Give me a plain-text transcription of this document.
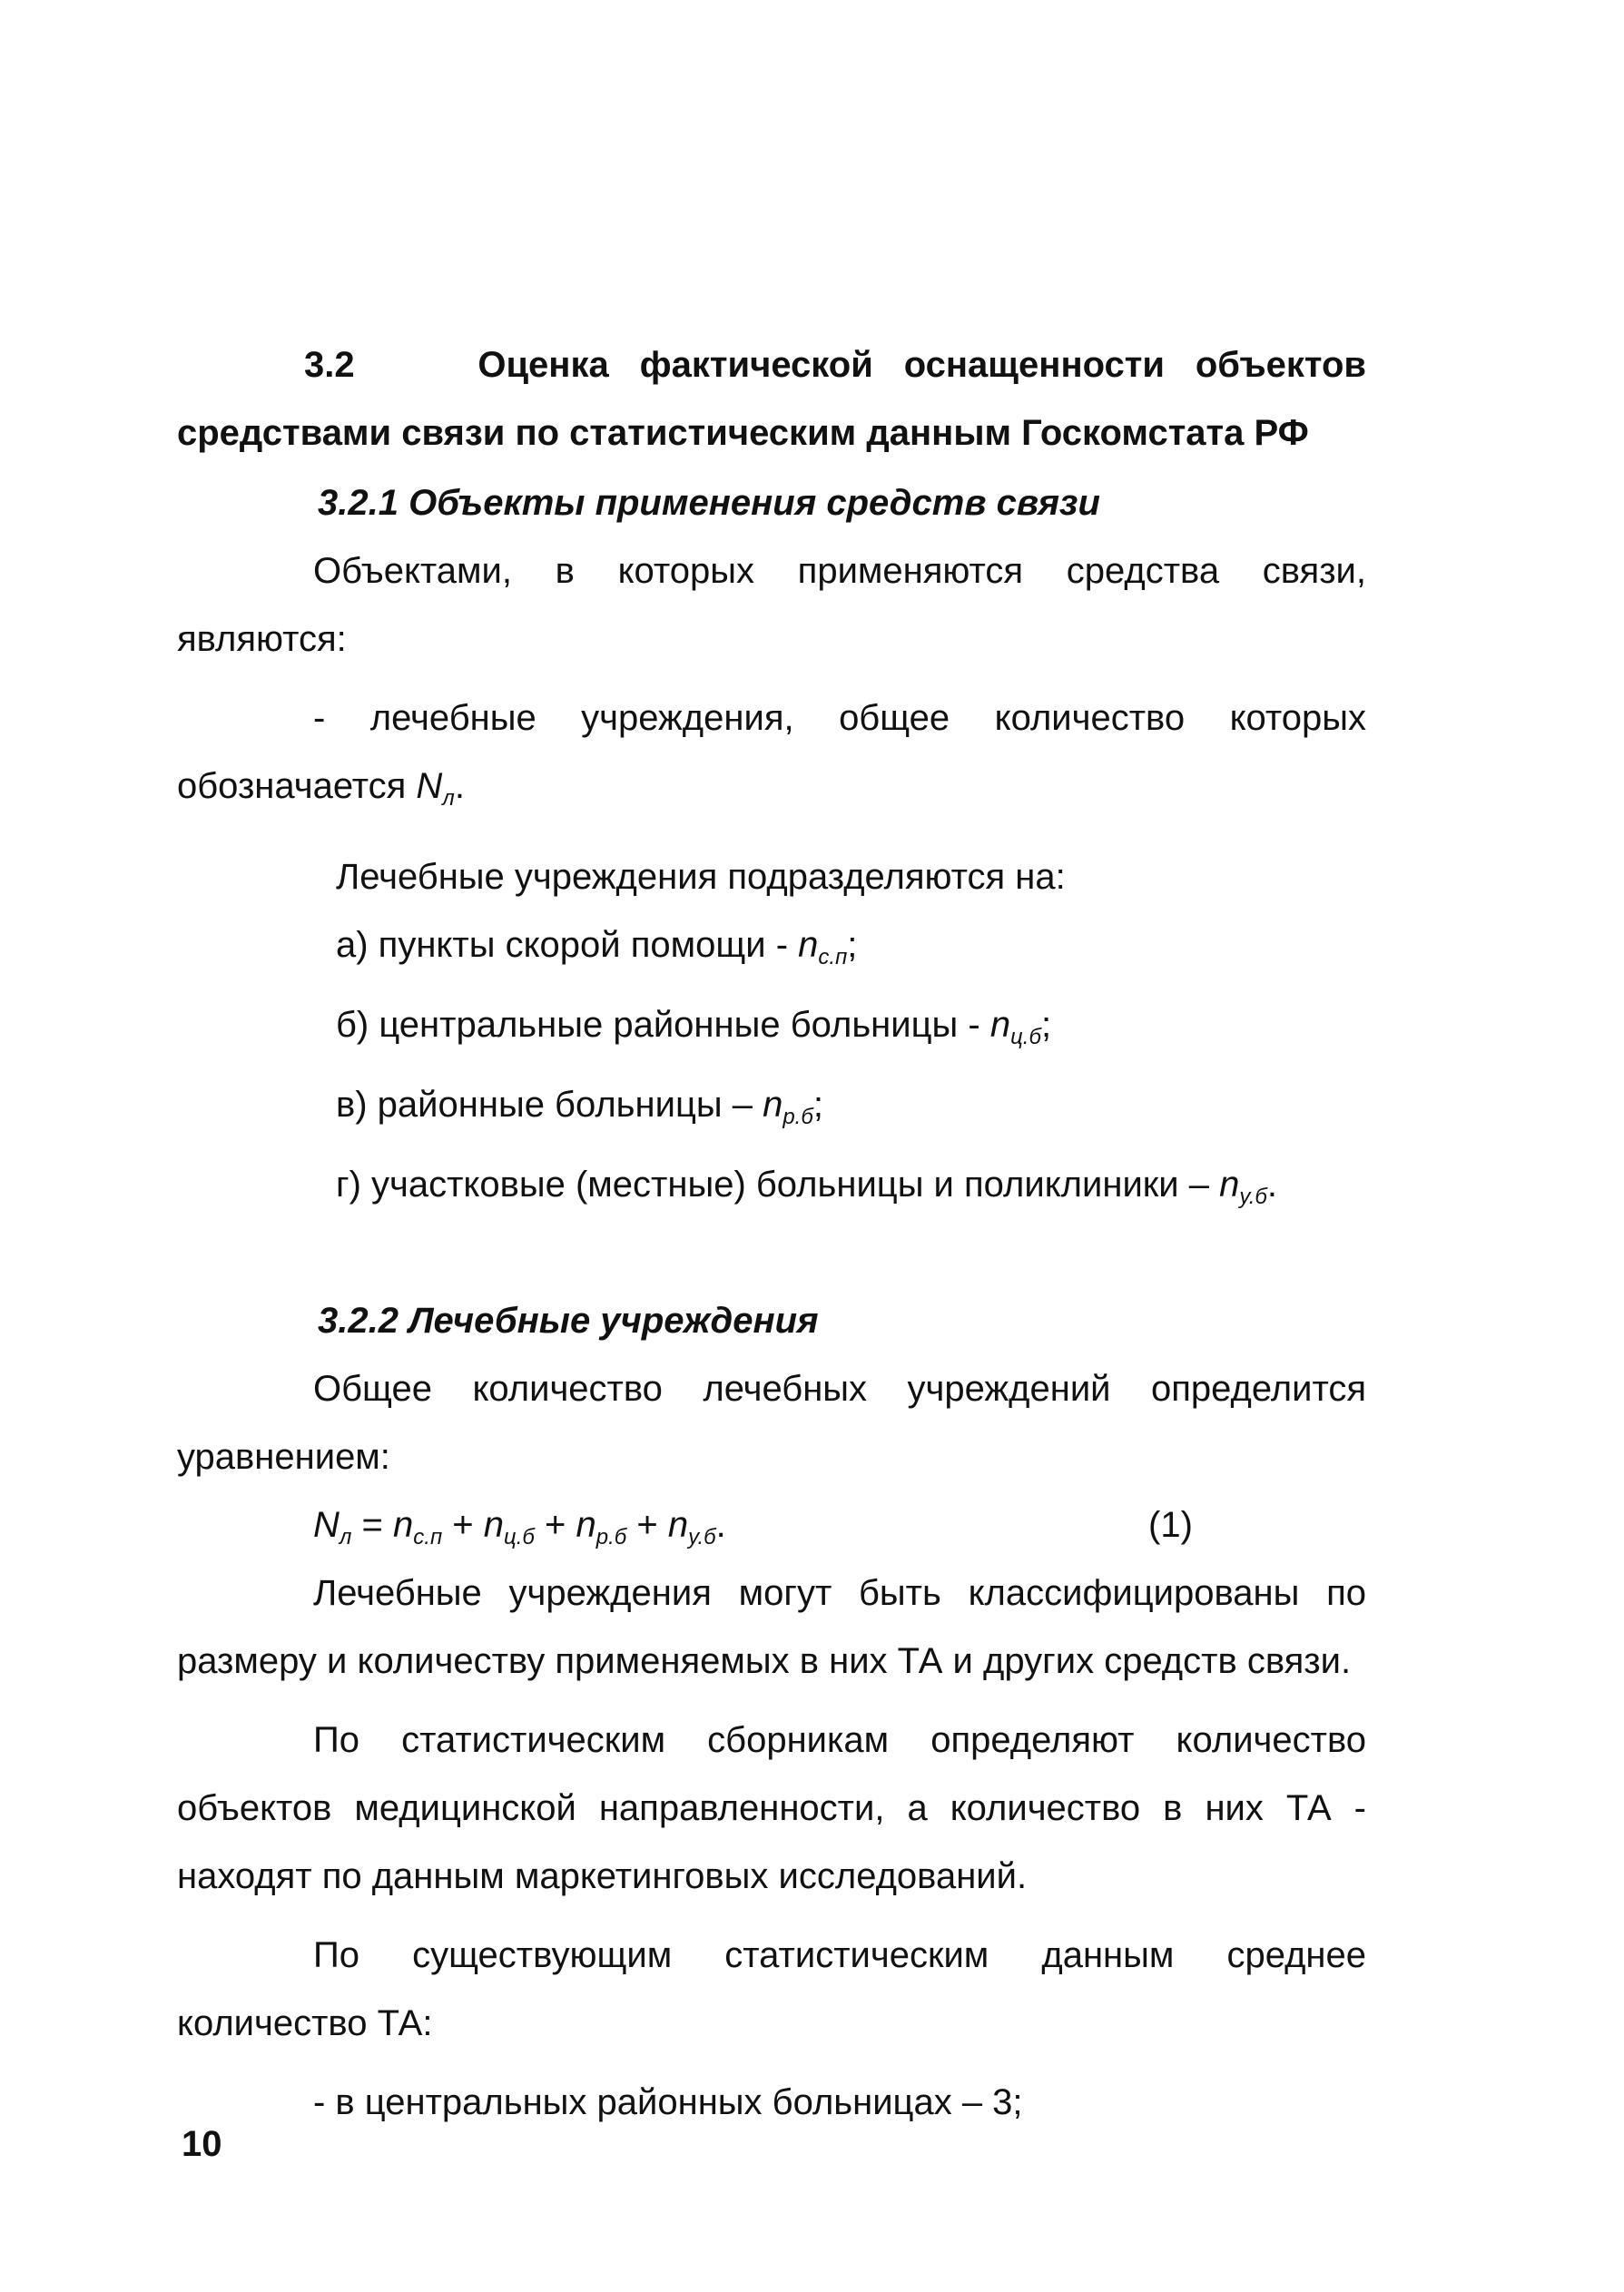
3.2	Оценка фактической оснащенности объектов средствами связи по статистическим данным Госкомстата РФ

3.2.1 Объекты применения средств связи

Объектами, в которых применяются средства связи, являются:

- лечебные учреждения, общее количество которых обозначается $N_л$.

Лечебные учреждения подразделяются на:

а) пункты скорой помощи - $n_{с.п}$;

б) центральные районные больницы - $n_{ц.б}$;

в) районные больницы – $n_{р.б}$;

г) участковые (местные) больницы и поликлиники – $n_{у.б}$.

3.2.2 Лечебные учреждения

Общее количество лечебных учреждений определится уравнением:

$N_л = n_{с.п} + n_{ц.б} + n_{р.б} + n_{у.б}$.	(1)

Лечебные учреждения могут быть классифицированы по размеру и количеству применяемых в них ТА и других средств связи.

По статистическим сборникам определяют количество объектов медицинской направленности, а количество в них ТА - находят по данным маркетинговых исследований.

По существующим статистическим данным среднее количество ТА:

- в центральных районных больницах – 3;

10
